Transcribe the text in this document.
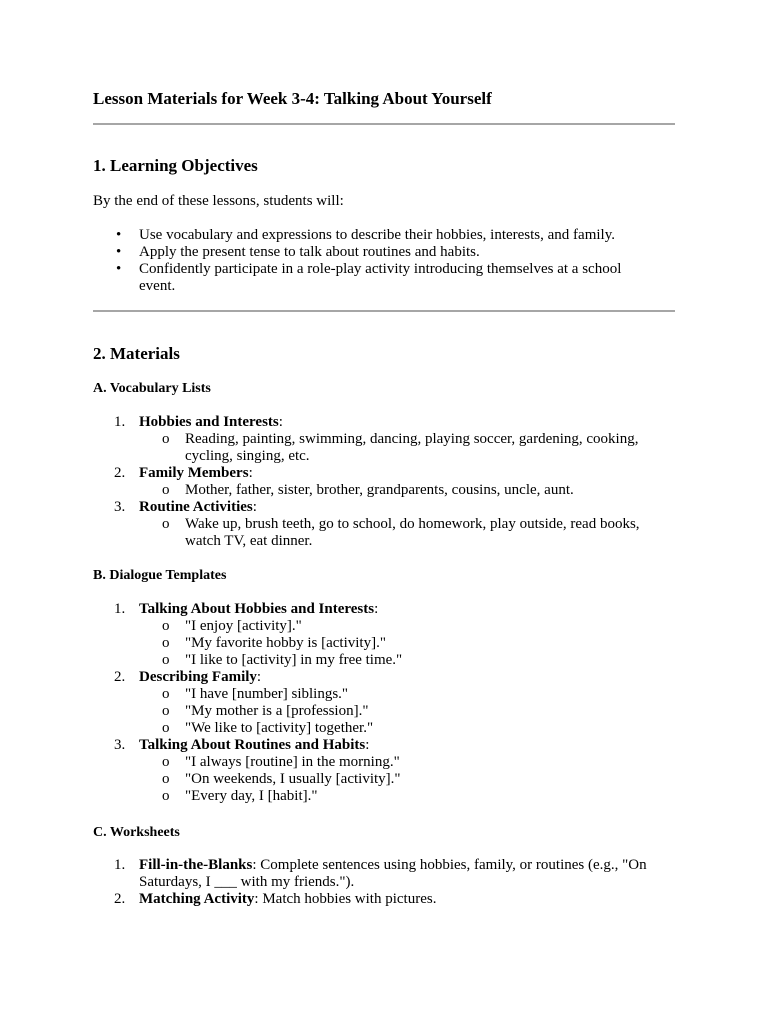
Lesson Materials for Week 3-4: Talking About Yourself
1. Learning Objectives

By the end of these lessons, students will:

• Use vocabulary and expressions to describe their hobbies, interests, and family.
• Apply the present tense to talk about routines and habits.
• Confidently participate in a role-play activity introducing themselves at a school event.
2. Materials
A. Vocabulary Lists
1. Hobbies and Interests:
o Reading, painting, swimming, dancing, playing soccer, gardening, cooking, cycling, singing, etc.
2. Family Members:
o Mother, father, sister, brother, grandparents, cousins, uncle, aunt.
3. Routine Activities:
o Wake up, brush teeth, go to school, do homework, play outside, read books, watch TV, eat dinner.
B. Dialogue Templates
1. Talking About Hobbies and Interests:
o "I enjoy [activity]."
o "My favorite hobby is [activity]."
o "I like to [activity] in my free time."
2. Describing Family:
o "I have [number] siblings."
o "My mother is a [profession]."
o "We like to [activity] together."
3. Talking About Routines and Habits:
o "I always [routine] in the morning."
o "On weekends, I usually [activity]."
o "Every day, I [habit]."
C. Worksheets
1. Fill-in-the-Blanks: Complete sentences using hobbies, family, or routines (e.g., "On Saturdays, I ___ with my friends.").
2. Matching Activity: Match hobbies with pictures.
